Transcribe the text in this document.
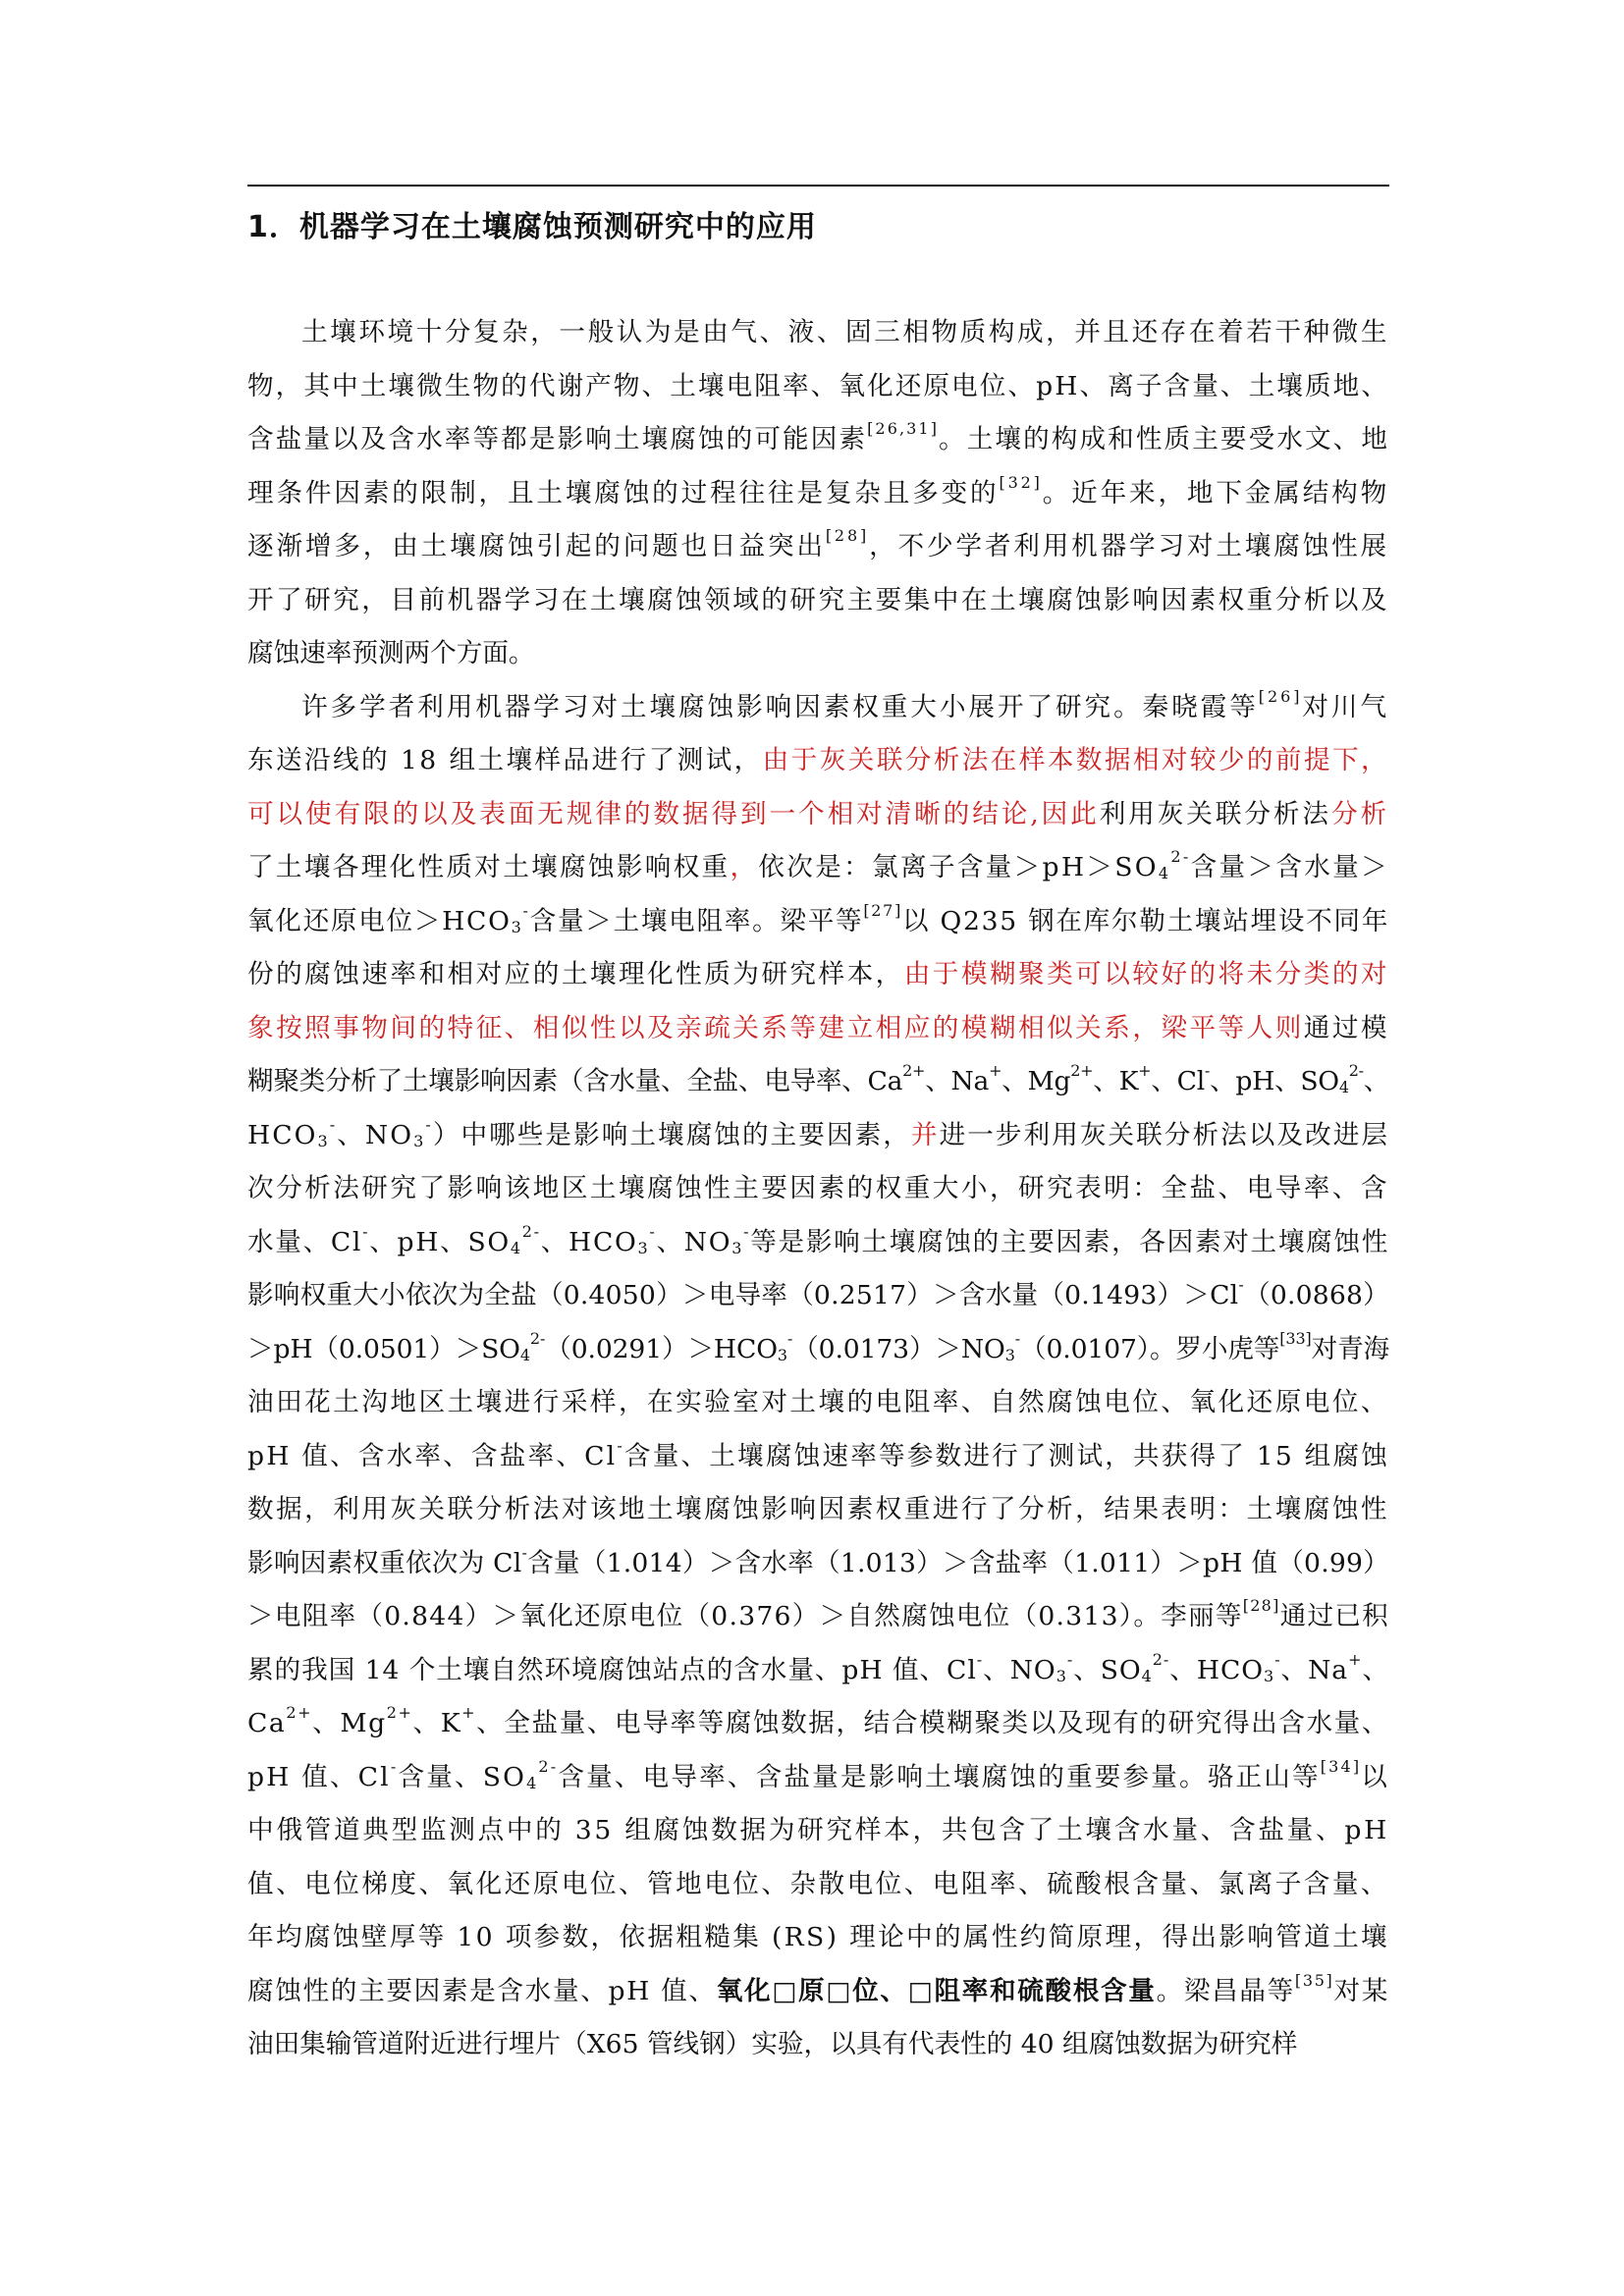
1．机器学习在土壤腐蚀预测研究中的应用
土壤环境十分复杂，一般认为是由气、液、固三相物质构成，并且还存在着若干种微生
物，其中土壤微生物的代谢产物、土壤电阻率、氧化还原电位、pH、离子含量、土壤质地、
含盐量以及含水率等都是影响土壤腐蚀的可能因素 [26,31] 。土壤的构成和性质主要受水文、地
理条件因素的限制，且土壤腐蚀的过程往往是复杂且多变的 [32] 。近年来，地下金属结构物
逐渐增多，由土壤腐蚀引起的问题也日益突出 [28] ，不少学者利用机器学习对土壤腐蚀性展
开了研究，目前机器学习在土壤腐蚀领域的研究主要集中在土壤腐蚀影响因素权重分析以及
腐蚀速率预测两个方面。
许多学者利用机器学习对土壤腐蚀影响因素权重大小展开了研究。秦晓霞等 [26] 对川气
东送沿线的 18 组土壤样品进行了测试， 由于灰关联分析法在样本数据相对较少的前提下，
可以使有限的以及表面无规律的数据得到一个相对清晰的结论,因此 利用灰关联分析法 分析
了土壤各理化性质对土壤腐蚀影响权重 ， 依次是：氯离子含量＞pH＞SO 4
2- 含量＞含水量＞
氧化还原电位＞HCO 3
- 含量＞土壤电阻率。梁平等 [27] 以 Q235 钢在库尔勒土壤站埋设不同年
份的腐蚀速率和相对应的土壤理化性质为研究样本， 由于模糊聚类可以较好的将未分类的对
象按照事物间的特征、相似性以及亲疏关系等建立相应的模糊相似关系，梁平等人则 通过模
糊聚类分析了土壤影响因素（含水量、全盐、电导率、Ca 2+ 、Na + 、Mg 2+ 、K + 、Cl - 、pH、SO 4
2- 、
HCO 3
- 、NO 3
- ）中哪些是影响土壤腐蚀的主要因素， 并 进一步利用灰关联分析法以及改进层
次分析法研究了影响该地区土壤腐蚀性主要因素的权重大小，研究表明：全盐、电导率、含
水量、Cl - 、pH、SO 4
2- 、HCO 3
- 、NO 3
- 等是影响土壤腐蚀的主要因素，各因素对土壤腐蚀性
影响权重大小依次为全盐（0.4050）＞电导率（0.2517）＞含水量（0.1493）＞Cl - （0.0868）
＞pH（0.0501）＞SO 4
2- （0.0291）＞HCO 3
- （0.0173）＞NO 3
- （0.0107）。罗小虎等 [33] 对青海
油田花土沟地区土壤进行采样，在实验室对土壤的电阻率、自然腐蚀电位、氧化还原电位、
pH 值、含水率、含盐率、Cl - 含量、土壤腐蚀速率等参数进行了测试，共获得了 15 组腐蚀
数据，利用灰关联分析法对该地土壤腐蚀影响因素权重进行了分析，结果表明：土壤腐蚀性
影响因素权重依次为 Cl - 含量（1.014）＞含水率（1.013）＞含盐率（1.011）＞pH 值（0.99）
＞电阻率（0.844）＞氧化还原电位（0.376）＞自然腐蚀电位（0.313）。李丽等 [28] 通过已积
累的我国 14 个土壤自然环境腐蚀站点的含水量、pH 值、Cl - 、NO 3
- 、SO 4
2- 、HCO 3
- 、Na + 、
Ca 2+ 、Mg 2+ 、K + 、全盐量、电导率等腐蚀数据，结合模糊聚类以及现有的研究得出含水量、
pH 值、Cl - 含量、SO 4
2- 含量、电导率、含盐量是影响土壤腐蚀的重要参量。骆正山等 [34] 以
中俄管道典型监测点中的 35 组腐蚀数据为研究样本，共包含了土壤含水量、含盐量、pH
值、电位梯度、氧化还原电位、管地电位、杂散电位、电阻率、硫酸根含量、氯离子含量、
年均腐蚀壁厚等 10 项参数，依据粗糙集 (RS) 理论中的属性约简原理，得出影响管道土壤
腐蚀性的主要因素是含水量、pH 值、 氧化□原□位、□阻率和硫酸根含量 。梁昌晶等 [35] 对某
油田集输管道附近进行埋片（X65 管线钢）实验，以具有代表性的 40 组腐蚀数据为研究样
